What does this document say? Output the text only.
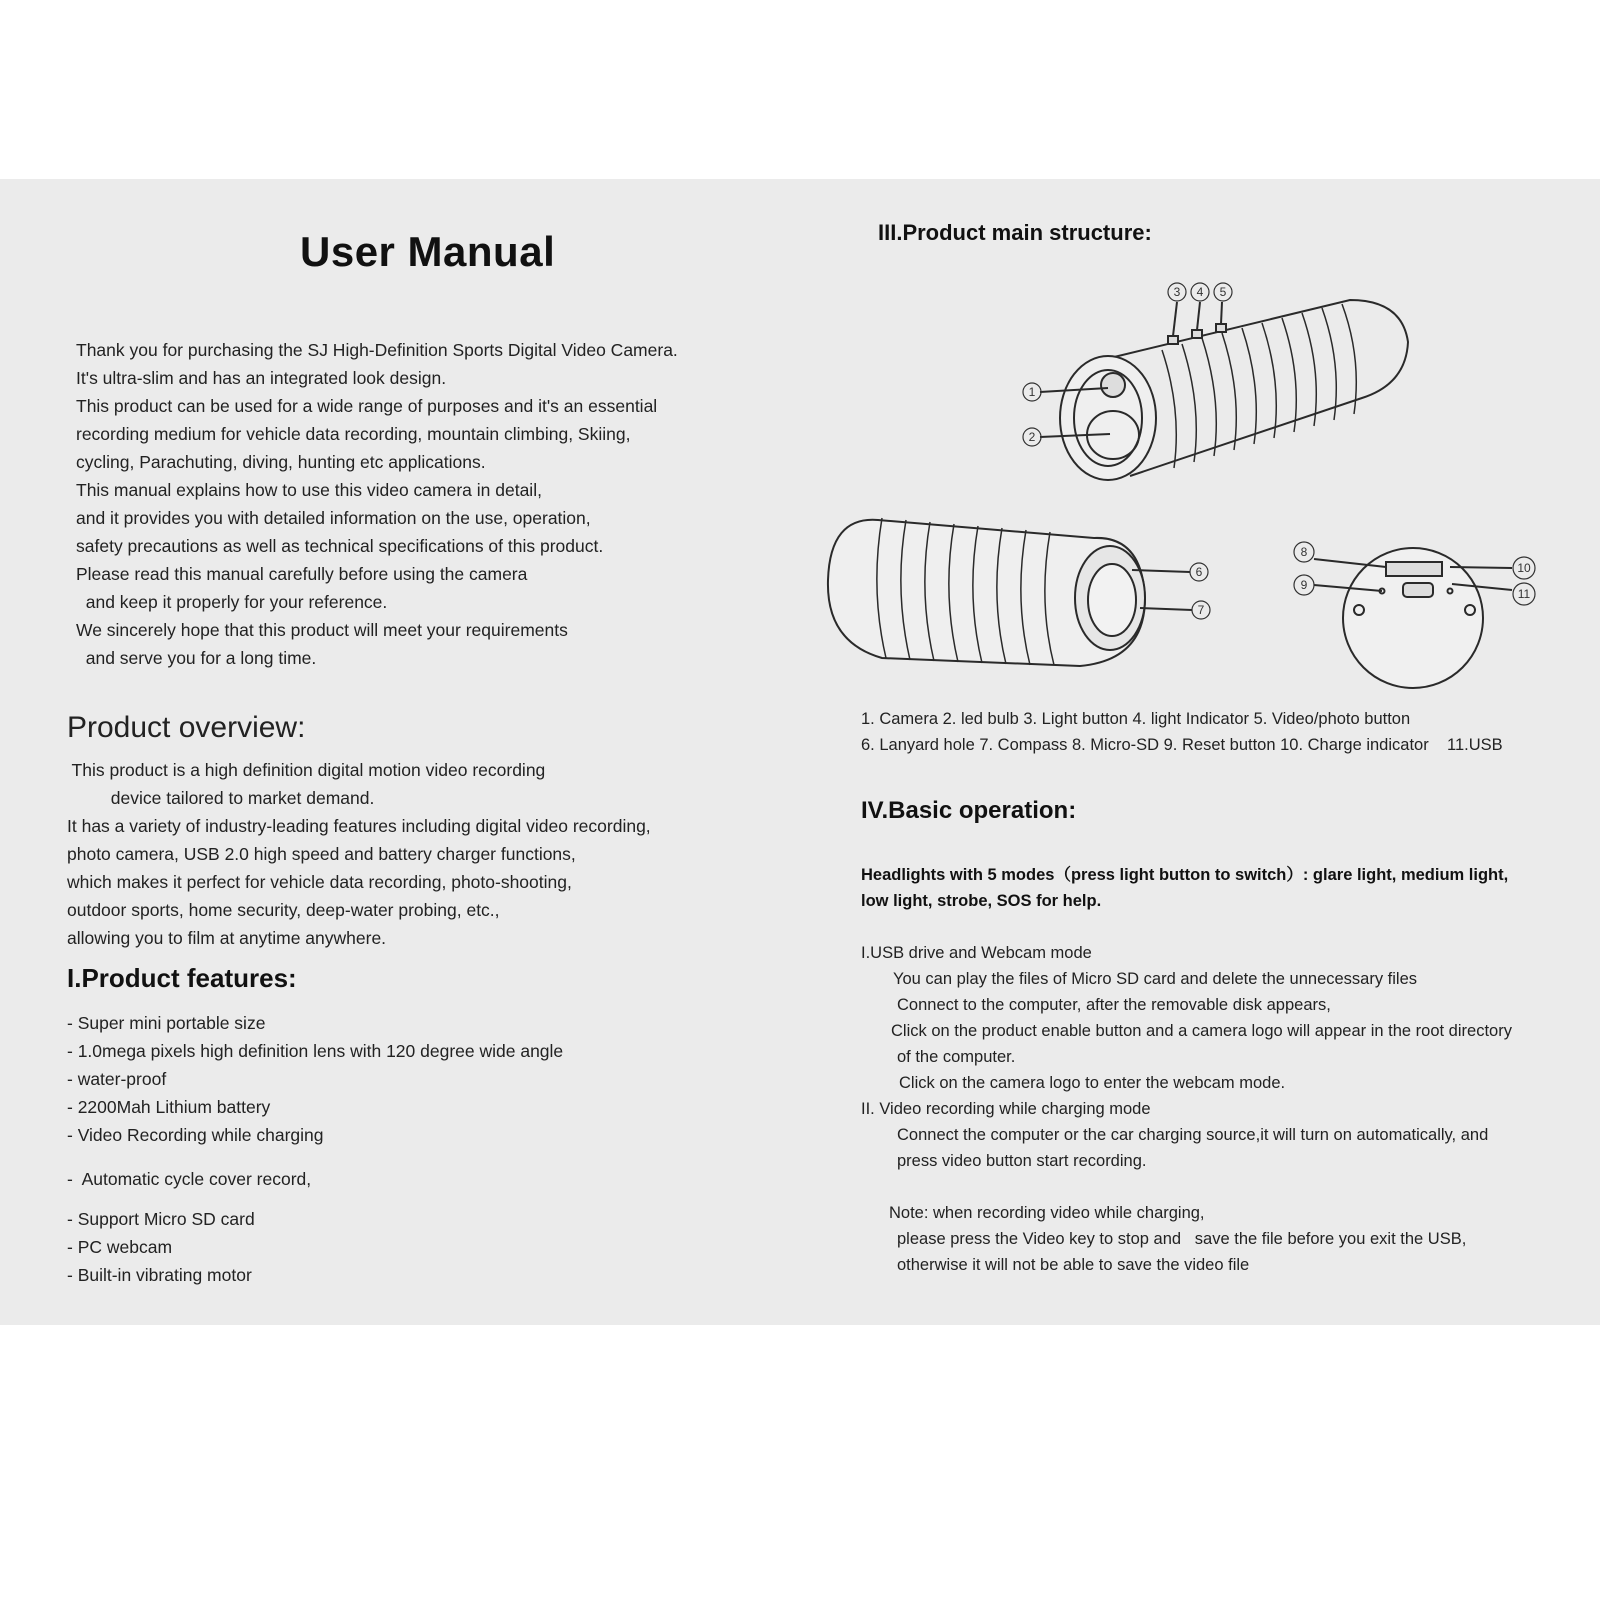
User Manual
Thank you for purchasing the SJ High-Definition Sports Digital Video Camera.
It's ultra-slim and has an integrated look design.
This product can be used for a wide range of purposes and it's an essential
recording medium for vehicle data recording, mountain climbing, Skiing,
cycling, Parachuting, diving, hunting etc applications.
This manual explains how to use this video camera in detail,
and it provides you with detailed information on the use, operation,
safety precautions as well as technical specifications of this product.
Please read this manual carefully before using the camera
and keep it properly for your reference.
We sincerely hope that this product will meet your requirements
and serve you for a long time.
Product overview:
This product is a high definition digital motion video recording
device tailored to market demand.
It has a variety of industry-leading features including digital video recording,
photo camera, USB 2.0 high speed and battery charger functions,
which makes it perfect for vehicle data recording, photo-shooting,
outdoor sports, home security, deep-water probing, etc.,
allowing you to film at anytime anywhere.
I.Product features:
- Super mini portable size
- 1.0mega pixels high definition lens with 120 degree wide angle
- water-proof
- 2200Mah Lithium battery
- Video Recording while charging
-  Automatic cycle cover record,
- Support Micro SD card
- PC webcam
- Built-in vibrating motor
III.Product main structure:
1
2
3 4 5
6
7
8
9
10
11
1. Camera 2. led bulb 3. Light button 4. light Indicator 5. Video/photo button
6. Lanyard hole 7. Compass 8. Micro-SD 9. Reset button 10. Charge indicator    11.USB
IV.Basic operation:
Headlights with 5 modes（press light button to switch）: glare light, medium light,
low light, strobe, SOS for help.
I.USB drive and Webcam mode
You can play the files of Micro SD card and delete the unnecessary files
Connect to the computer, after the removable disk appears,
Click on the product enable button and a camera logo will appear in the root directory
of the computer.
Click on the camera logo to enter the webcam mode.
II. Video recording while charging mode
Connect the computer or the car charging source,it will turn on automatically, and
press video button start recording.
Note: when recording video while charging,
please press the Video key to stop and   save the file before you exit the USB,
otherwise it will not be able to save the video file
